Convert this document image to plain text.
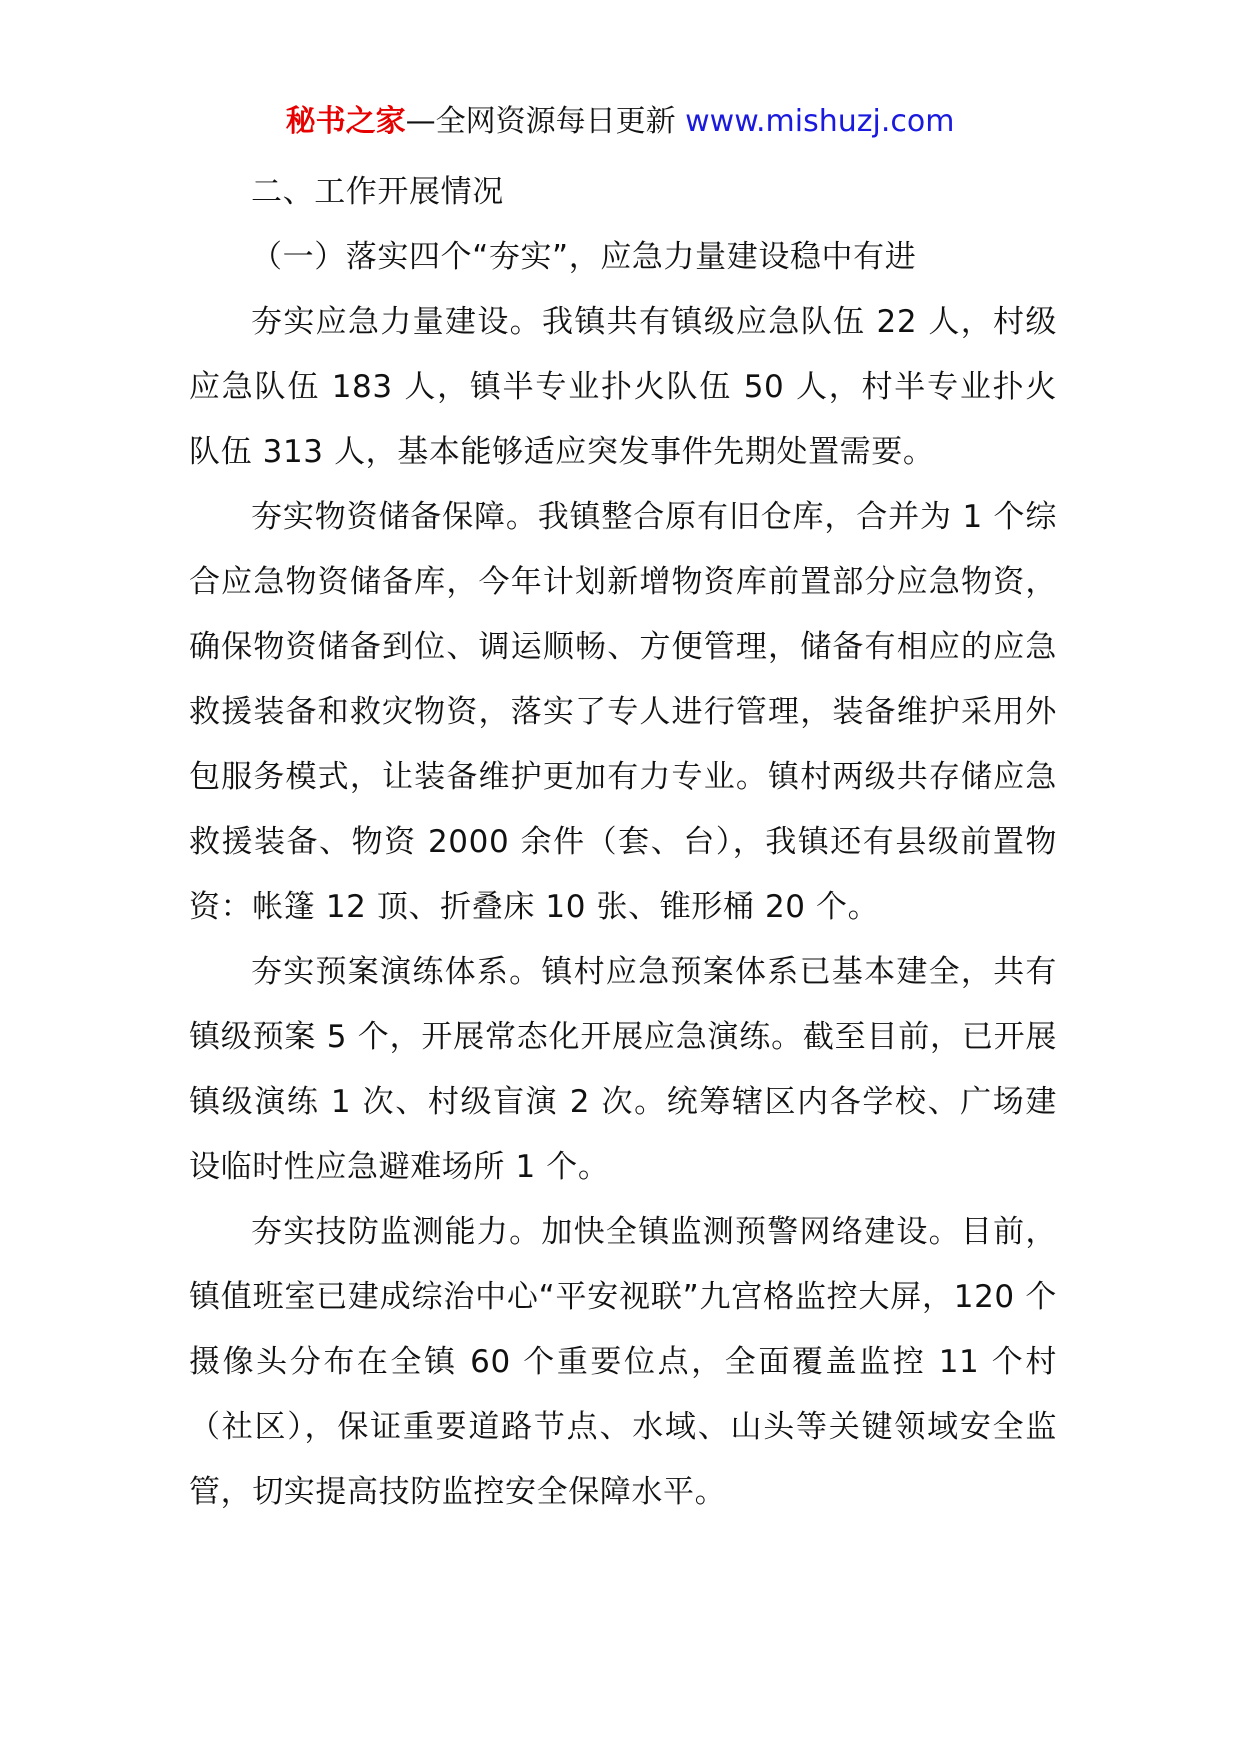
秘书之家—全网资源每日更新 www.mishuzj.com

二、工作开展情况

（一）落实四个“夯实”，应急力量建设稳中有进

夯实应急力量建设。我镇共有镇级应急队伍 22 人，村级应急队伍 183 人，镇半专业扑火队伍 50 人，村半专业扑火队伍 313 人，基本能够适应突发事件先期处置需要。

夯实物资储备保障。我镇整合原有旧仓库，合并为 1 个综合应急物资储备库，今年计划新增物资库前置部分应急物资，确保物资储备到位、调运顺畅、方便管理，储备有相应的应急救援装备和救灾物资，落实了专人进行管理，装备维护采用外包服务模式，让装备维护更加有力专业。镇村两级共存储应急救援装备、物资 2000 余件（套、台），我镇还有县级前置物资：帐篷 12 顶、折叠床 10 张、锥形桶 20 个。

夯实预案演练体系。镇村应急预案体系已基本建全，共有镇级预案 5 个，开展常态化开展应急演练。截至目前，已开展镇级演练 1 次、村级盲演 2 次。统筹辖区内各学校、广场建设临时性应急避难场所 1 个。

夯实技防监测能力。加快全镇监测预警网络建设。目前，镇值班室已建成综治中心“平安视联”九宫格监控大屏，120 个摄像头分布在全镇 60 个重要位点，全面覆盖监控 11 个村（社区），保证重要道路节点、水域、山头等关键领域安全监管，切实提高技防监控安全保障水平。
